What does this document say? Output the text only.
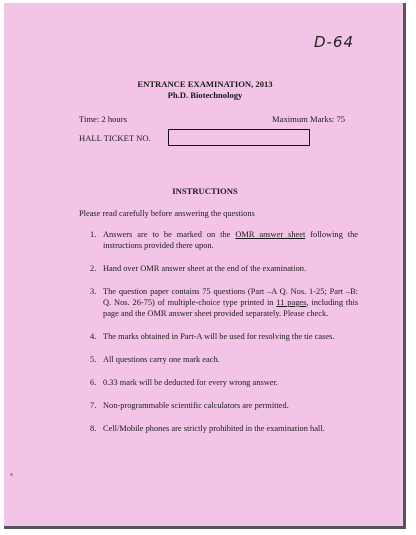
D-64
ENTRANCE EXAMINATION, 2013
Ph.D. Biotechnology
Time: 2 hours	Maximum Marks: 75
HALL TICKET NO.
INSTRUCTIONS
Please read carefully before answering the questions
1. Answers are to be marked on the OMR answer sheet following the instructions provided there upon.
2. Hand over OMR answer sheet at the end of the examination.
3. The question paper contains 75 questions (Part –A Q. Nos. 1-25; Part –B: Q. Nos. 26-75) of multiple-choice type printed in 11 pages, including this page and the OMR answer sheet provided separately. Please check.
4. The marks obtained in Part-A will be used for resolving the tie cases.
5. All questions carry one mark each.
6. 0.33 mark will be deducted for every wrong answer.
7. Non-programmable scientific calculators are permitted.
8. Cell/Mobile phones are strictly prohibited in the examination hall.
